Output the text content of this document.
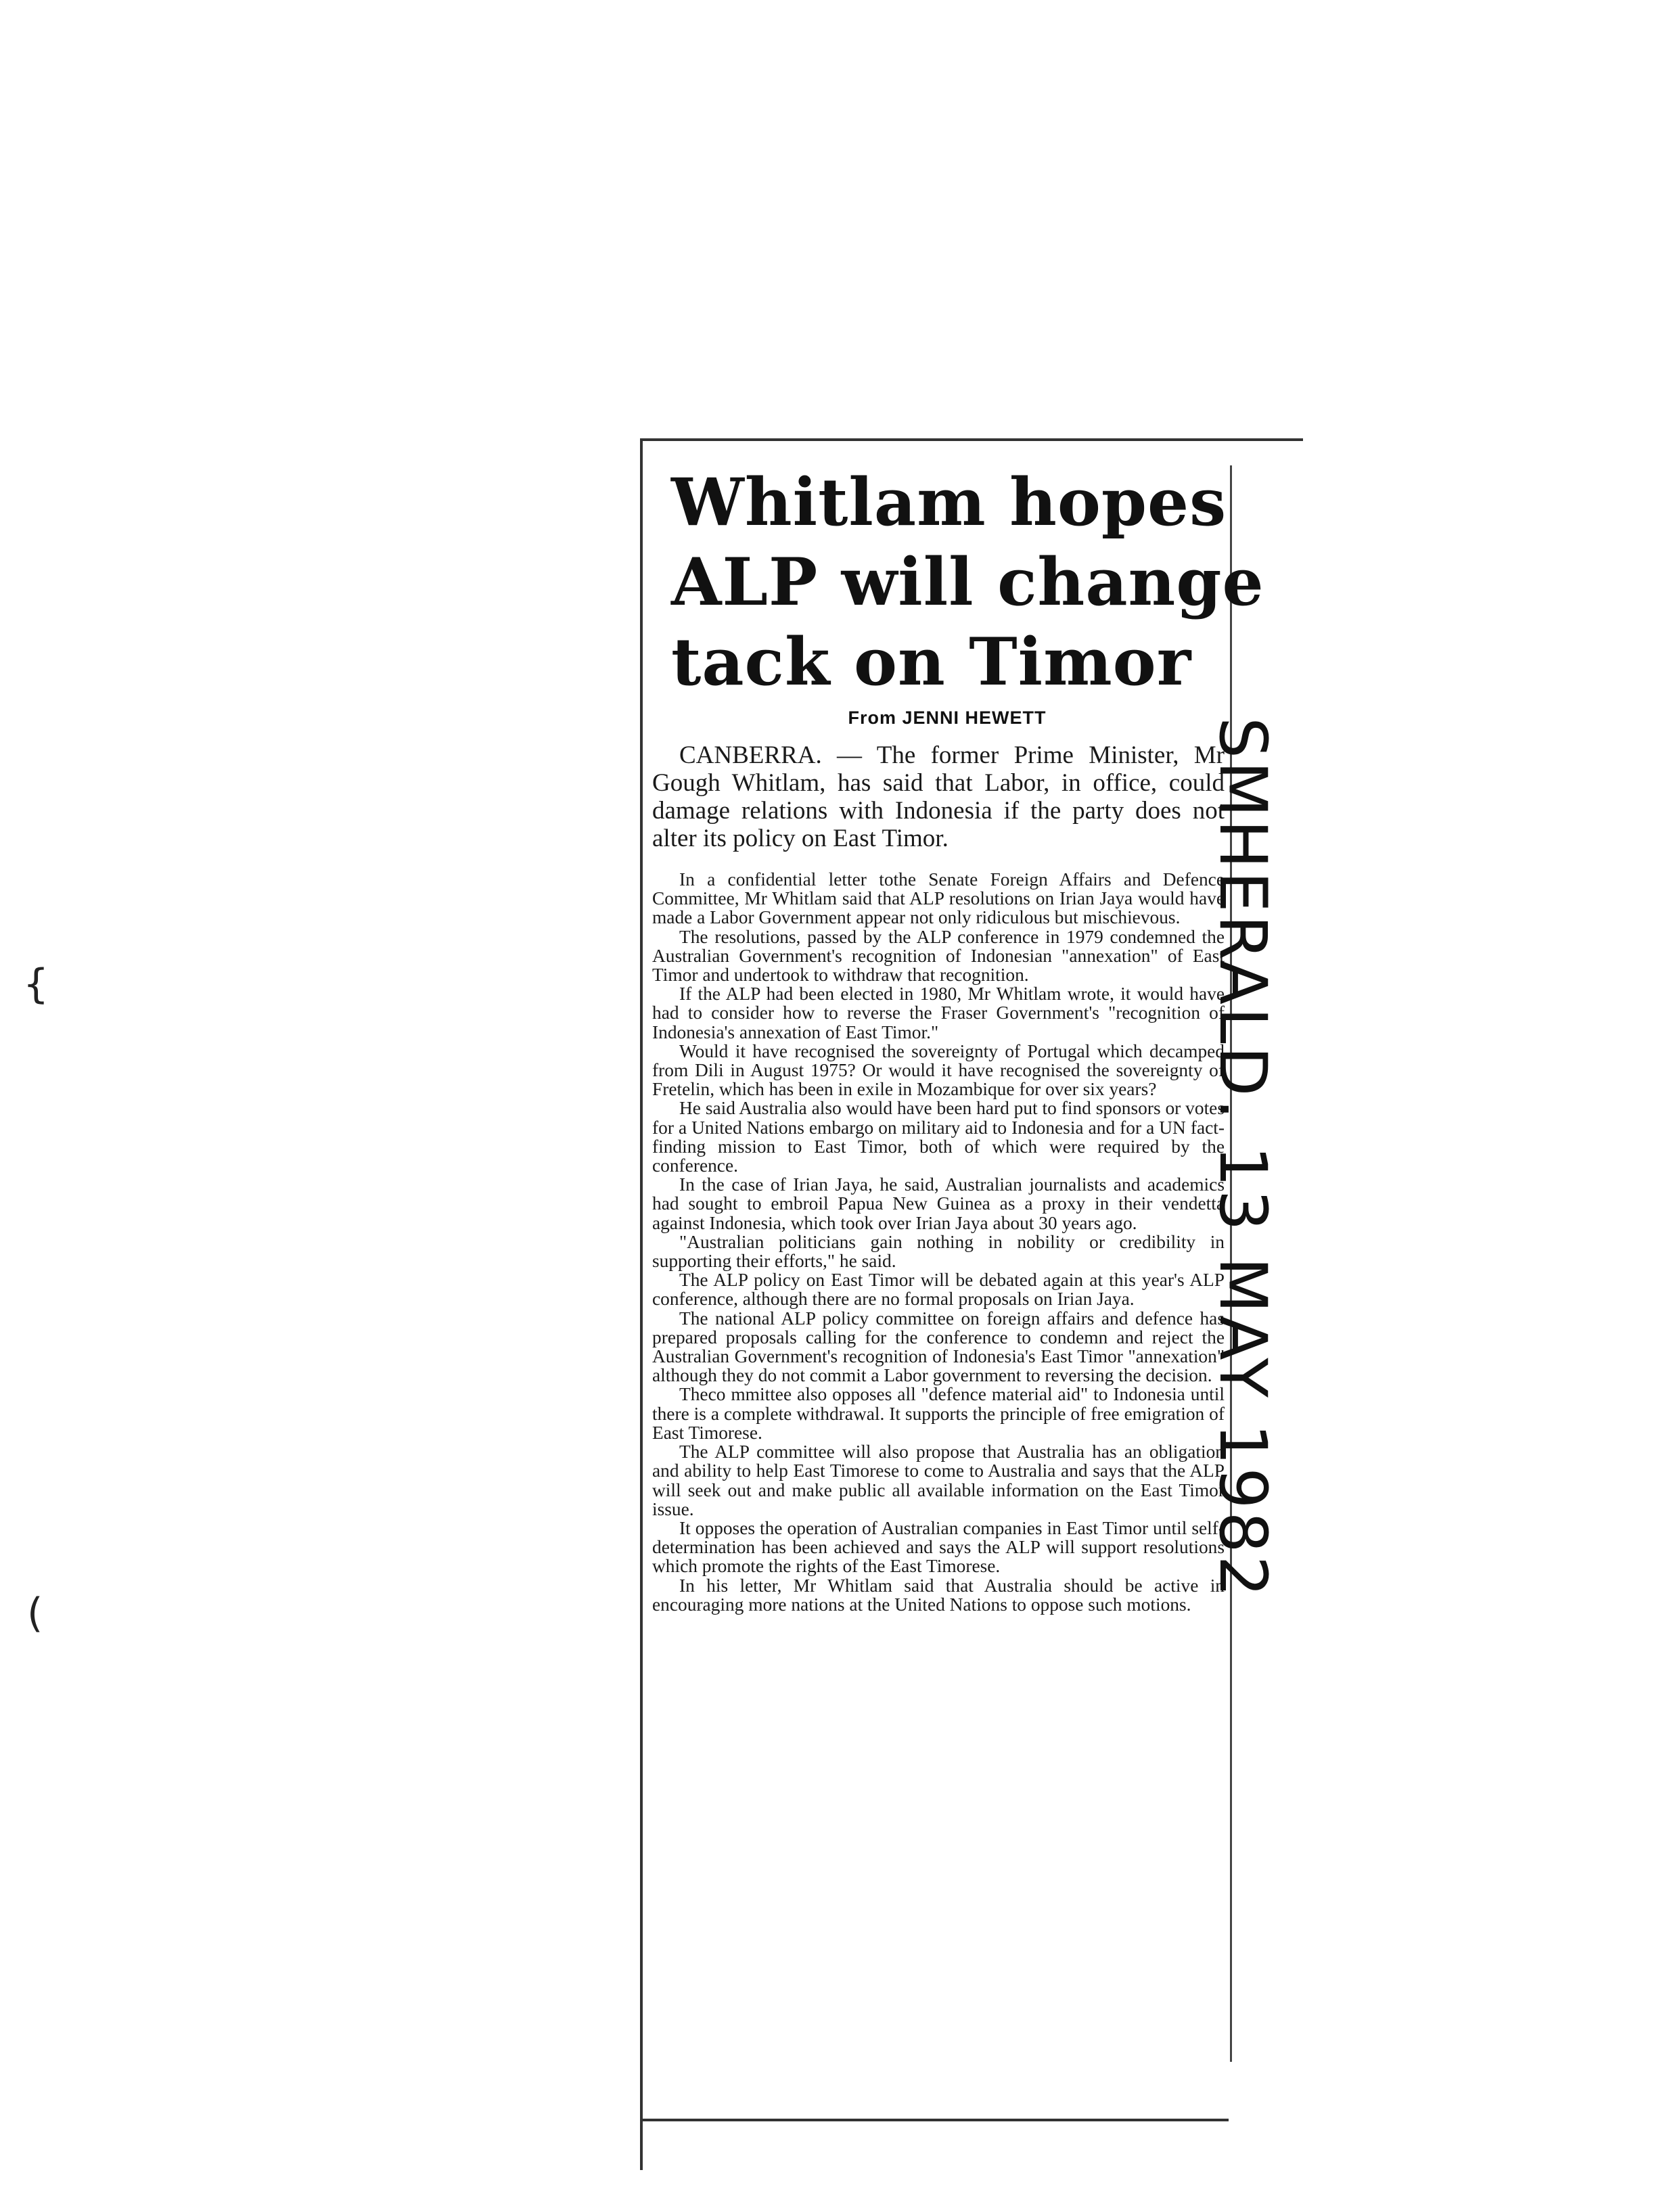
{
(
Whitlam hopes
ALP will change
tack on Timor
From JENNI HEWETT

CANBERRA. — The former Prime Minister, Mr Gough Whitlam, has said that Labor, in office, could damage relations with Indonesia if the party does not alter its policy on East Timor.

In a confidential letter tothe Senate Foreign Affairs and Defence Committee, Mr Whitlam said that ALP resolutions on Irian Jaya would have made a Labor Government appear not only ridiculous but mischievous.

The resolutions, passed by the ALP conference in 1979 condemned the Australian Government's recognition of Indonesian "annexation" of East Timor and undertook to withdraw that recognition.

If the ALP had been elected in 1980, Mr Whitlam wrote, it would have had to consider how to reverse the Fraser Government's "recognition of Indonesia's annexation of East Timor."

Would it have recognised the sovereignty of Portugal which decamped from Dili in August 1975? Or would it have recognised the sovereignty of Fretelin, which has been in exile in Mozambique for over six years?

He said Australia also would have been hard put to find sponsors or votes for a United Nations embargo on military aid to Indonesia and for a UN fact-finding mission to East Timor, both of which were required by the conference.

In the case of Irian Jaya, he said, Australian journalists and academics had sought to embroil Papua New Guinea as a proxy in their vendetta against Indonesia, which took over Irian Jaya about 30 years ago.

"Australian politicians gain nothing in nobility or credibility in supporting their efforts," he said.

The ALP policy on East Timor will be debated again at this year's ALP conference, although there are no formal proposals on Irian Jaya.

The national ALP policy committee on foreign affairs and defence has prepared proposals calling for the conference to condemn and reject the Australian Government's recognition of Indonesia's East Timor "annexation" although they do not commit a Labor government to reversing the decision.

Theco mmittee also opposes all "defence material aid" to Indonesia until there is a complete withdrawal. It supports the principle of free emigration of East Timorese.

The ALP committee will also propose that Australia has an obligation and ability to help East Timorese to come to Australia and says that the ALP will seek out and make public all available information on the East Timor issue.

It opposes the operation of Australian companies in East Timor until self-determination has been achieved and says the ALP will support resolutions which promote the rights of the East Timorese.

In his letter, Mr Whitlam said that Australia should be active in encouraging more nations at the United Nations to oppose such motions.

SMHERALD. 13 MAY 1982
